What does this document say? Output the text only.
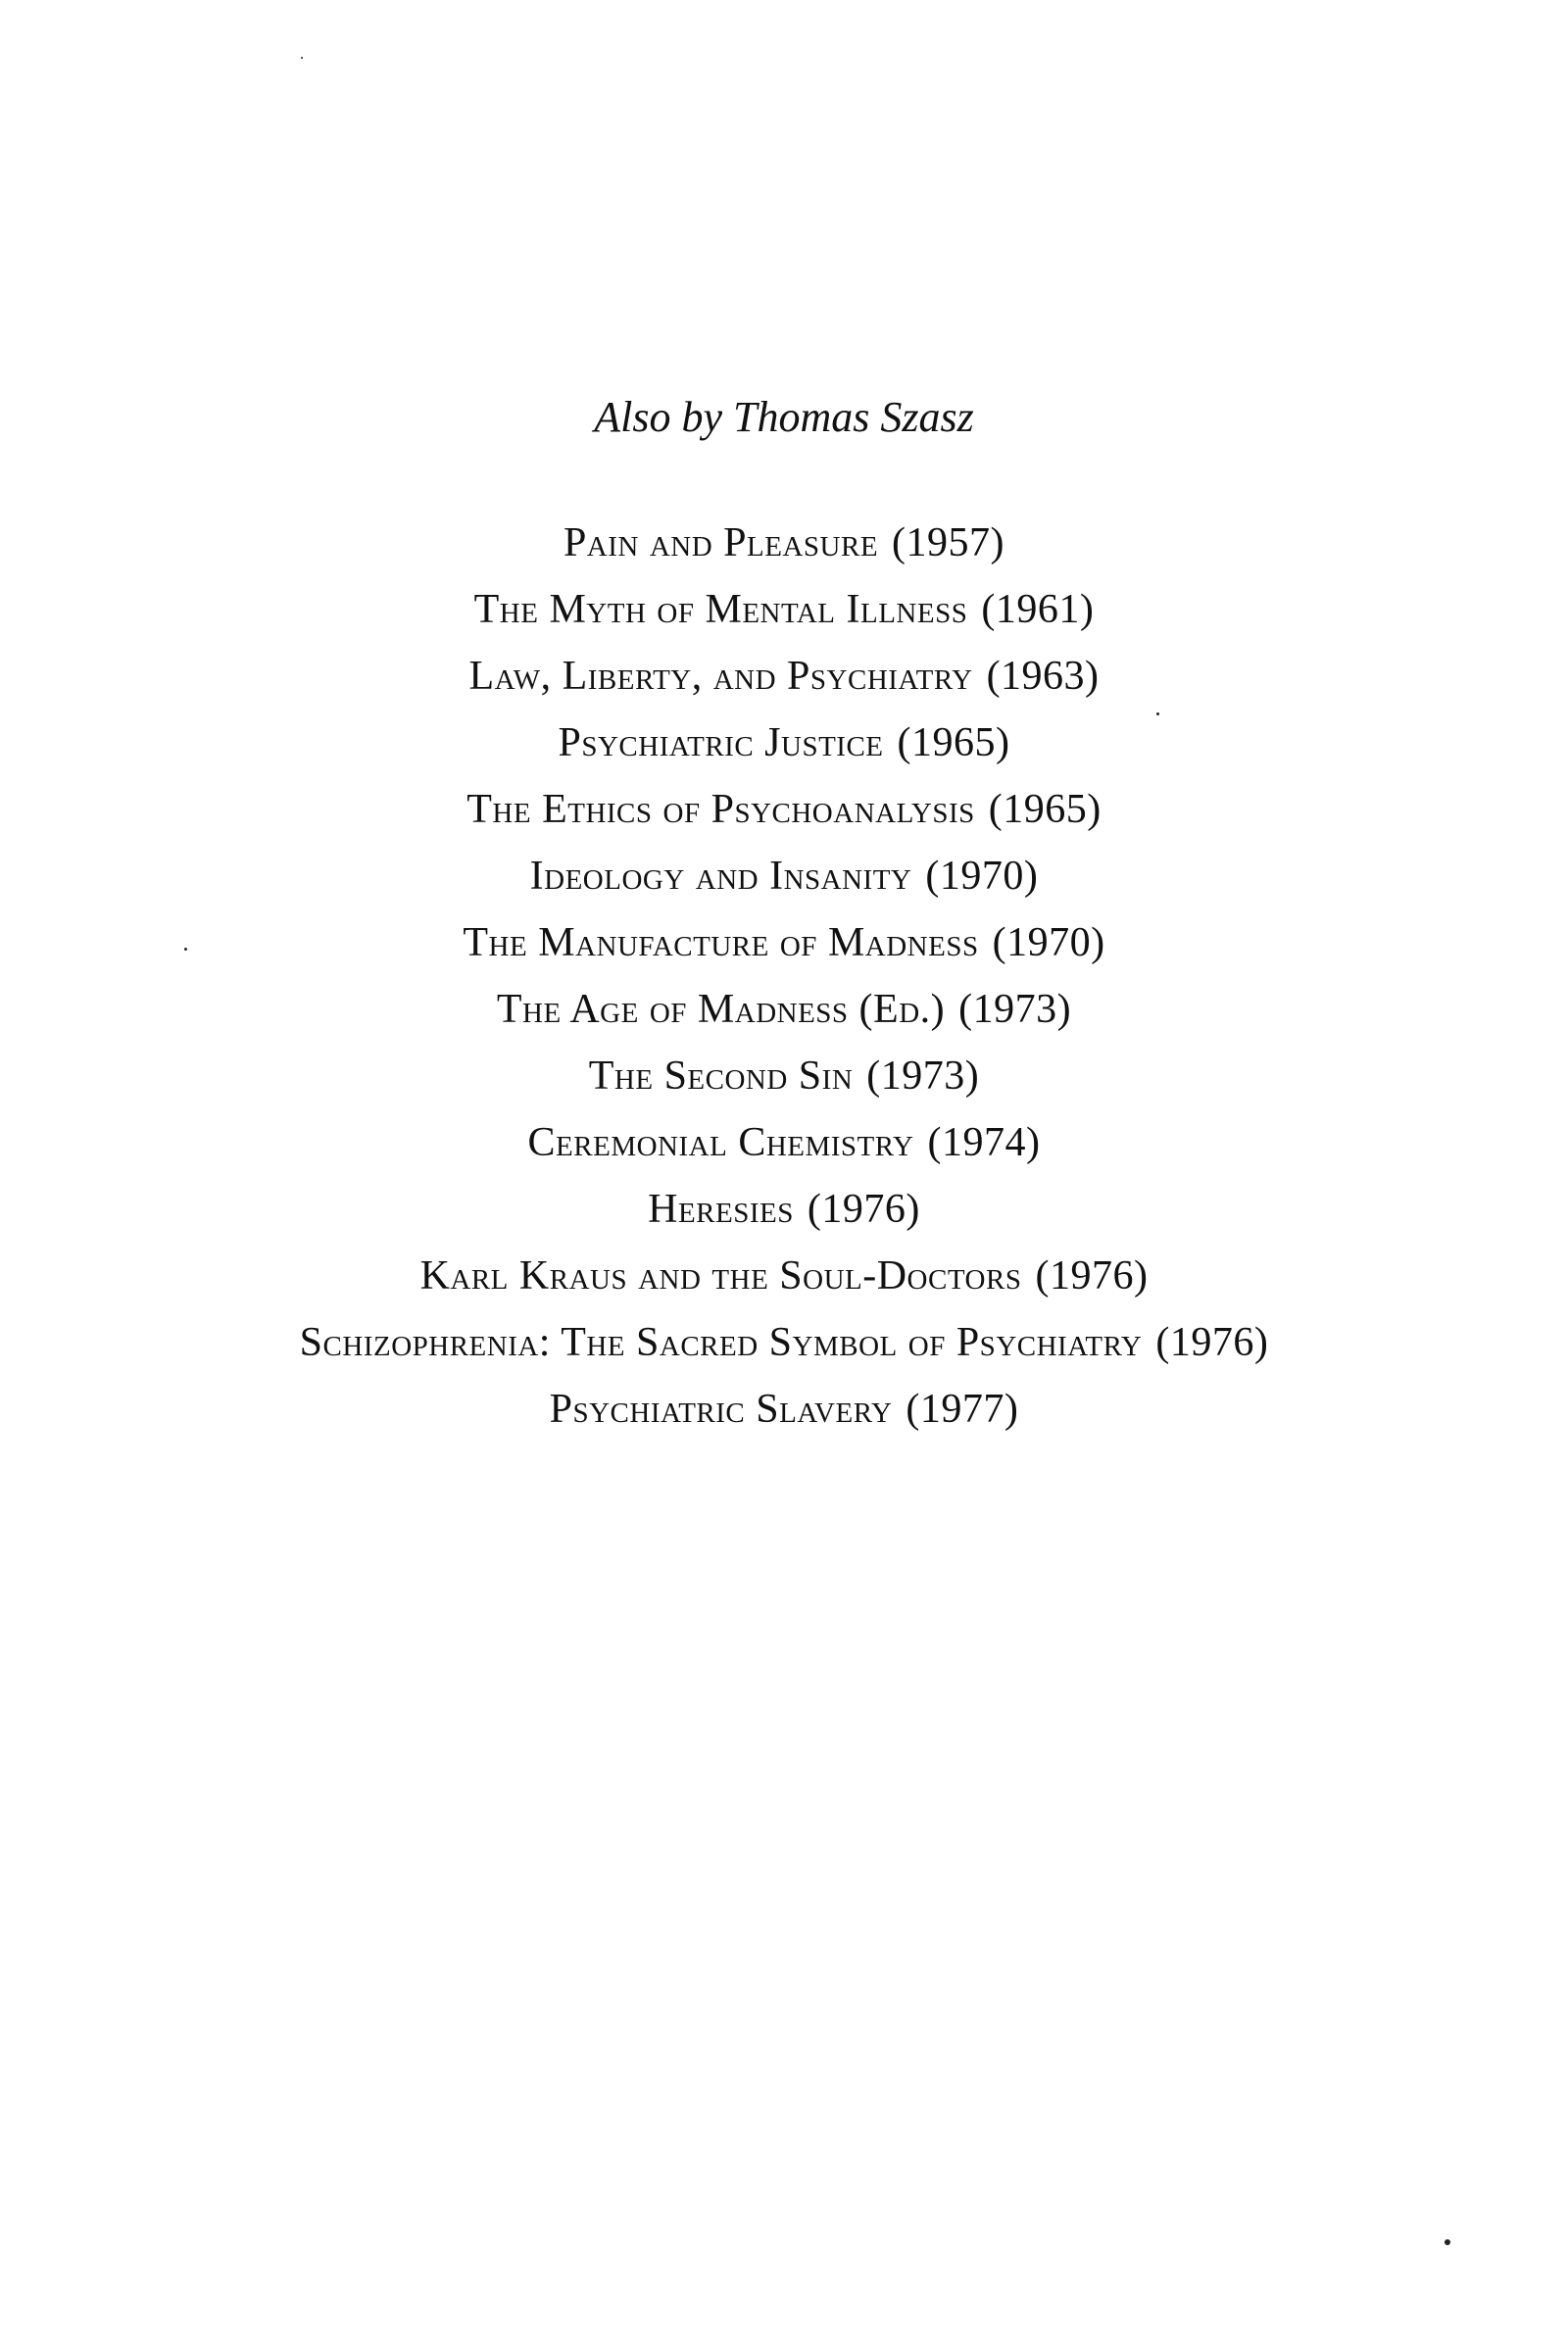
Also by Thomas Szasz
Pain and Pleasure (1957)
The Myth of Mental Illness (1961)
Law, Liberty, and Psychiatry (1963)
Psychiatric Justice (1965)
The Ethics of Psychoanalysis (1965)
Ideology and Insanity (1970)
The Manufacture of Madness (1970)
The Age of Madness (Ed.) (1973)
The Second Sin (1973)
Ceremonial Chemistry (1974)
Heresies (1976)
Karl Kraus and the Soul-Doctors (1976)
Schizophrenia: The Sacred Symbol of Psychiatry (1976)
Psychiatric Slavery (1977)
